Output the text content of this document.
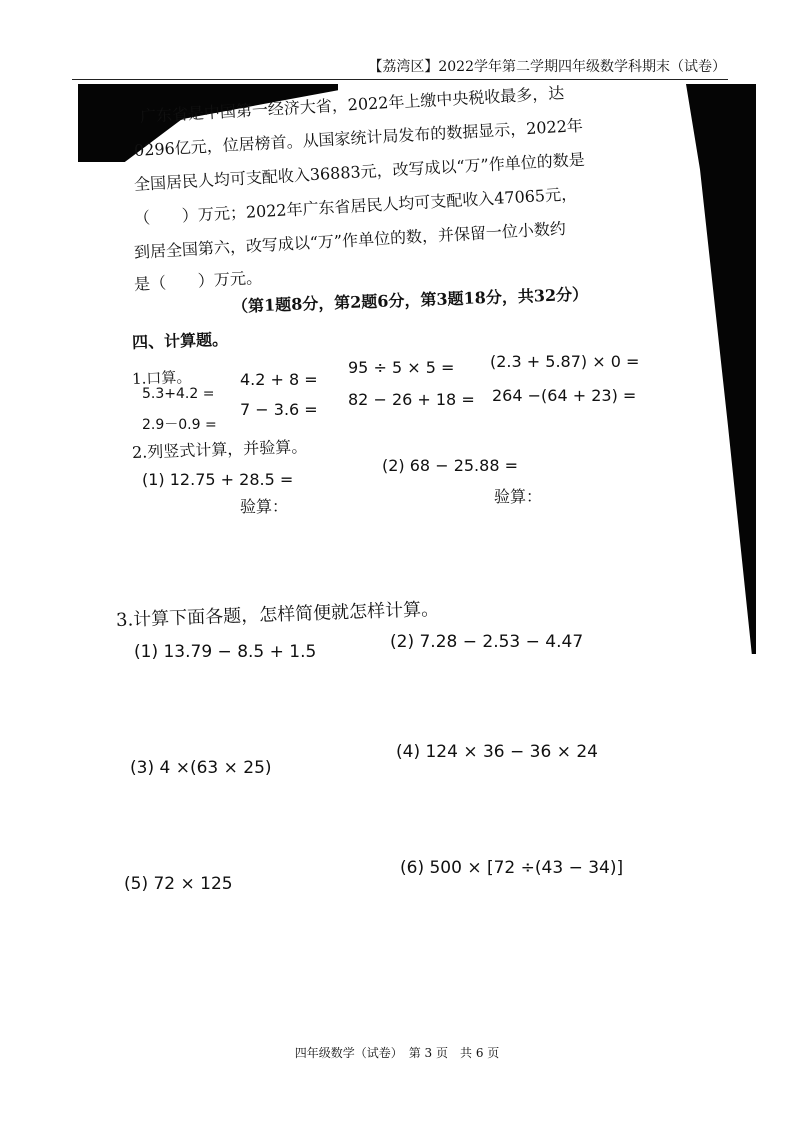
【荔湾区】2022学年第二学期四年级数学科期末（试卷）
广东省是中国第一经济大省，2022年上缴中央税收最多，达
0296亿元，位居榜首。从国家统计局发布的数据显示，2022年
全国居民人均可支配收入36883元，改写成以“万”作单位的数是
（　　）万元；2022年广东省居民人均可支配收入47065元，
到居全国第六，改写成以“万”作单位的数，并保留一位小数约
是（　　）万元。
四、计算题。
（第1题8分，第2题6分，第3题18分，共32分）
1.口算。
5.3+4.2 =
4.2 + 8 =
95 ÷ 5 × 5 = (2.3 + 5.87) × 0 =
2.9－0.9 =
7 − 3.6 =
82 − 26 + 18 = 264 −(64 + 23) =
2.列竖式计算，并验算。
(1) 12.75 + 28.5 =
(2) 68 − 25.88 =
验算：
验算：
3.计算下面各题，怎样简便就怎样计算。
(1) 13.79 − 8.5 + 1.5	(2) 7.28 − 2.53 − 4.47
(3) 4 ×(63 × 25)
(4) 124 × 36 − 36 × 24
(5) 72 × 125
(6) 500 × [72 ÷(43 − 34)]
四年级数学（试卷）　第 3 页　共 6 页
